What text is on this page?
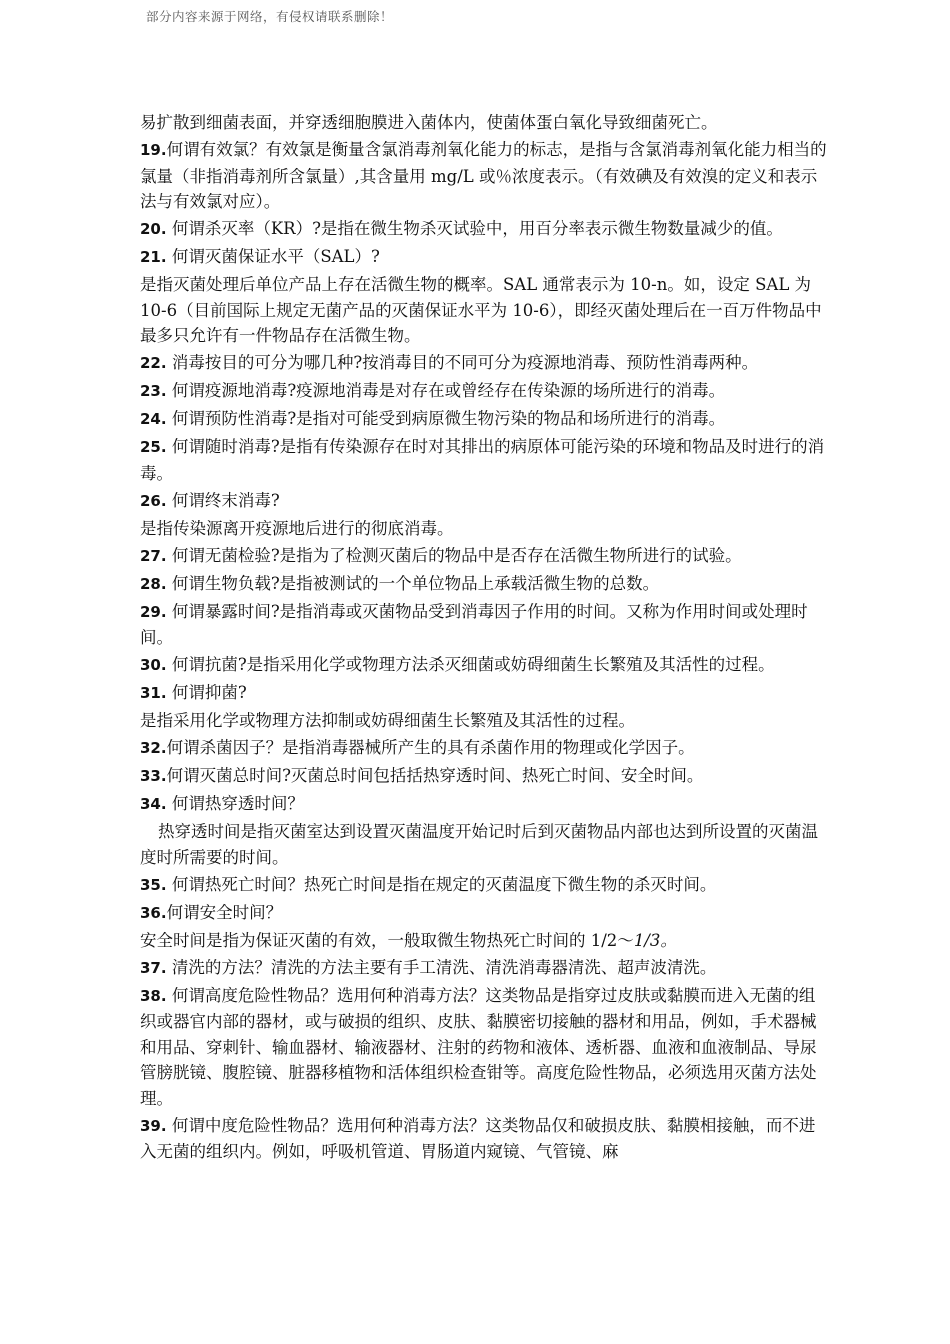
部分内容来源于网络，有侵权请联系删除！
易扩散到细菌表面，并穿透细胞膜进入菌体内，使菌体蛋白氧化导致细菌死亡。
19.何谓有效氯？有效氯是衡量含氯消毒剂氧化能力的标志，是指与含氯消毒剂氧化能力相当的氯量（非指消毒剂所含氯量）,其含量用 mg/L 或％浓度表示。（有效碘及有效溴的定义和表示法与有效氯对应）。
20. 何谓杀灭率（KR）?是指在微生物杀灭试验中，用百分率表示微生物数量减少的值。
21. 何谓灭菌保证水平（SAL）?
是指灭菌处理后单位产品上存在活微生物的概率。SAL 通常表示为 10-n。如，设定 SAL 为 10-6（目前国际上规定无菌产品的灭菌保证水平为 10-6），即经灭菌处理后在一百万件物品中最多只允许有一件物品存在活微生物。
22. 消毒按目的可分为哪几种?按消毒目的不同可分为疫源地消毒、预防性消毒两种。
23. 何谓疫源地消毒?疫源地消毒是对存在或曾经存在传染源的场所进行的消毒。
24. 何谓预防性消毒?是指对可能受到病原微生物污染的物品和场所进行的消毒。
25. 何谓随时消毒?是指有传染源存在时对其排出的病原体可能污染的环境和物品及时进行的消毒。
26. 何谓终末消毒?
是指传染源离开疫源地后进行的彻底消毒。
27. 何谓无菌检验?是指为了检测灭菌后的物品中是否存在活微生物所进行的试验。
28. 何谓生物负载?是指被测试的一个单位物品上承载活微生物的总数。
29. 何谓暴露时间?是指消毒或灭菌物品受到消毒因子作用的时间。又称为作用时间或处理时间。
30. 何谓抗菌?是指采用化学或物理方法杀灭细菌或妨碍细菌生长繁殖及其活性的过程。
31. 何谓抑菌?
是指采用化学或物理方法抑制或妨碍细菌生长繁殖及其活性的过程。
32.何谓杀菌因子？是指消毒器械所产生的具有杀菌作用的物理或化学因子。
33.何谓灭菌总时间?灭菌总时间包括括热穿透时间、热死亡时间、安全时间。
34. 何谓热穿透时间？
热穿透时间是指灭菌室达到设置灭菌温度开始记时后到灭菌物品内部也达到所设置的灭菌温度时所需要的时间。
35. 何谓热死亡时间？热死亡时间是指在规定的灭菌温度下微生物的杀灭时间。
36.何谓安全时间？
安全时间是指为保证灭菌的有效，一般取微生物热死亡时间的 1/2～1/3。
37. 清洗的方法？清洗的方法主要有手工清洗、清洗消毒器清洗、超声波清洗。
38. 何谓高度危险性物品？选用何种消毒方法？这类物品是指穿过皮肤或黏膜而进入无菌的组织或器官内部的器材，或与破损的组织、皮肤、黏膜密切接触的器材和用品，例如，手术器械和用品、穿刺针、输血器材、输液器材、注射的药物和液体、透析器、血液和血液制品、导尿管膀胱镜、腹腔镜、脏器移植物和活体组织检查钳等。高度危险性物品，必须选用灭菌方法处理。
39. 何谓中度危险性物品？选用何种消毒方法？这类物品仅和破损皮肤、黏膜相接触，而不进入无菌的组织内。例如，呼吸机管道、胃肠道内窥镜、气管镜、麻
